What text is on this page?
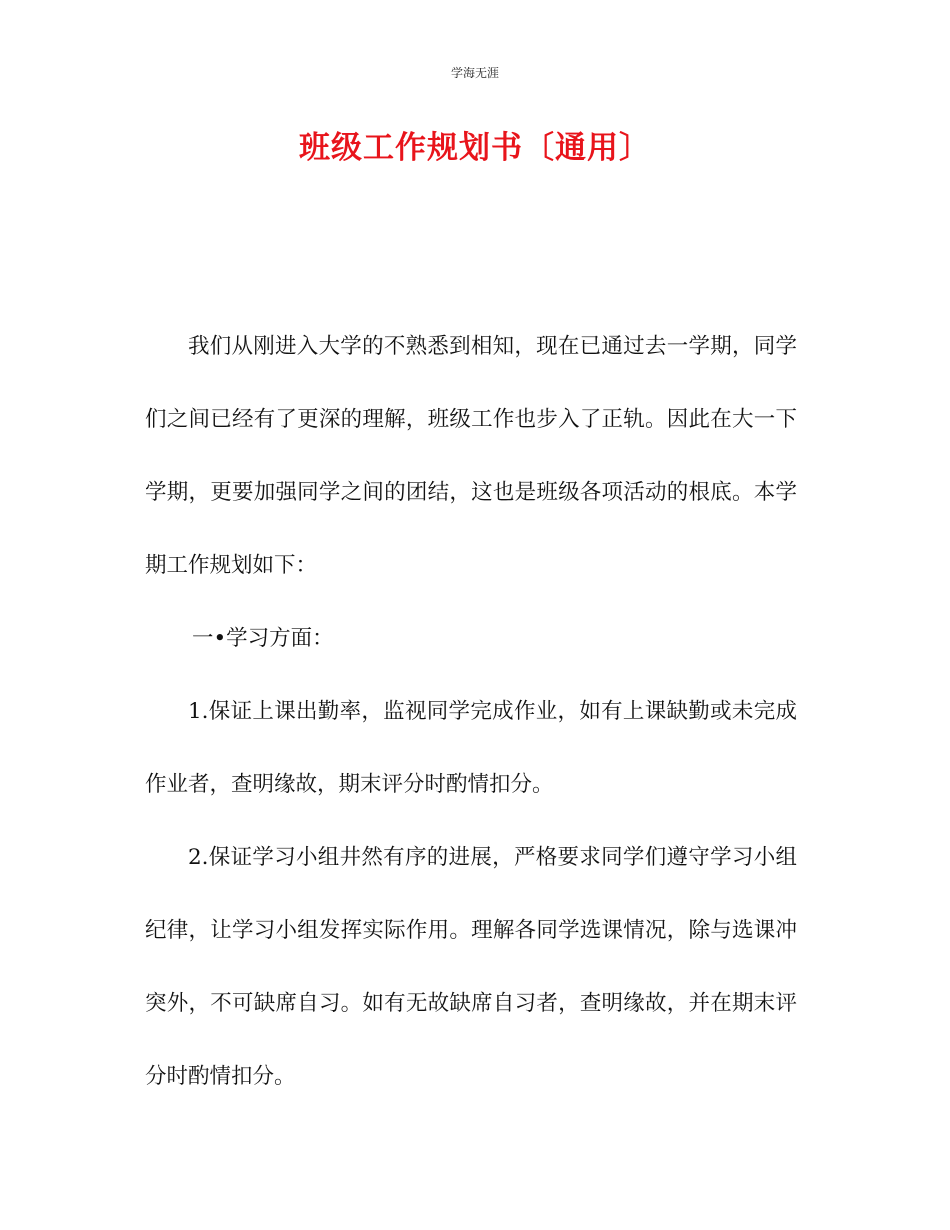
学海无涯
班级工作规划书〔通用〕

我们从刚进入大学的不熟悉到相知，现在已通过去一学期，同学们之间已经有了更深的理解，班级工作也步入了正轨。因此在大一下学期，更要加强同学之间的团结，这也是班级各项活动的根底。本学期工作规划如下：

一•学习方面：

1.保证上课出勤率，监视同学完成作业，如有上课缺勤或未完成作业者，查明缘故，期末评分时酌情扣分。

2.保证学习小组井然有序的进展，严格要求同学们遵守学习小组纪律，让学习小组发挥实际作用。理解各同学选课情况，除与选课冲突外，不可缺席自习。如有无故缺席自习者，查明缘故，并在期末评分时酌情扣分。
